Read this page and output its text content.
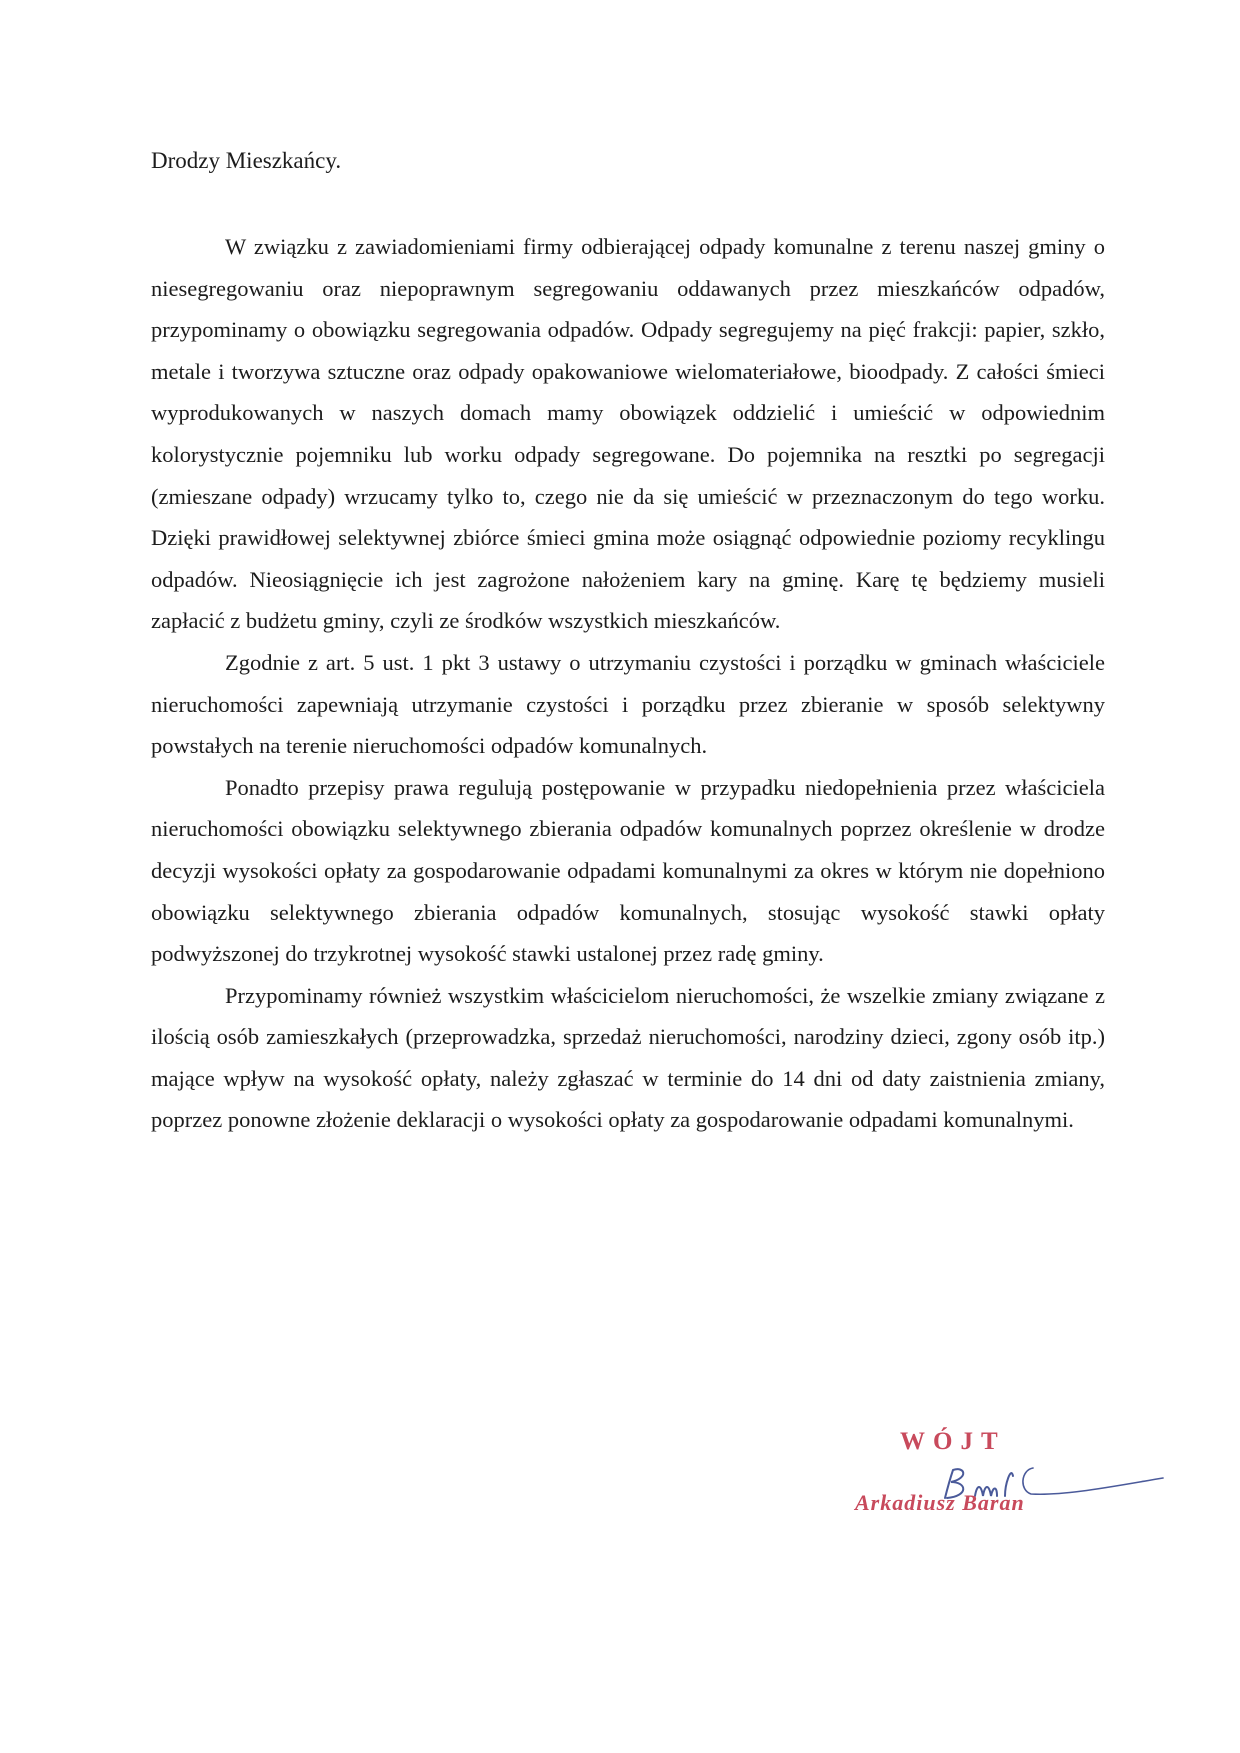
Drodzy Mieszkańcy.

W związku z zawiadomieniami firmy odbierającej odpady komunalne z terenu naszej gminy o niesegregowaniu oraz niepoprawnym segregowaniu oddawanych przez mieszkańców odpadów, przypominamy o obowiązku segregowania odpadów. Odpady segregujemy na pięć frakcji: papier, szkło, metale i tworzywa sztuczne oraz odpady opakowaniowe wielomateriałowe, bioodpady. Z całości śmieci wyprodukowanych w naszych domach mamy obowiązek oddzielić i umieścić w odpowiednim kolorystycznie pojemniku lub worku odpady segregowane. Do pojemnika na resztki po segregacji (zmieszane odpady) wrzucamy tylko to, czego nie da się umieścić w przeznaczonym do tego worku. Dzięki prawidłowej selektywnej zbiórce śmieci gmina może osiągnąć odpowiednie poziomy recyklingu odpadów. Nieosiągnięcie ich jest zagrożone nałożeniem kary na gminę. Karę tę będziemy musieli zapłacić z budżetu gminy, czyli ze środków wszystkich mieszkańców.

Zgodnie z art. 5 ust. 1 pkt 3 ustawy o utrzymaniu czystości i porządku w gminach właściciele nieruchomości zapewniają utrzymanie czystości i porządku przez zbieranie w sposób selektywny powstałych na terenie nieruchomości odpadów komunalnych.

Ponadto przepisy prawa regulują postępowanie w przypadku niedopełnienia przez właściciela nieruchomości obowiązku selektywnego zbierania odpadów komunalnych poprzez określenie w drodze decyzji wysokości opłaty za gospodarowanie odpadami komunalnymi za okres w którym nie dopełniono obowiązku selektywnego zbierania odpadów komunalnych, stosując wysokość stawki opłaty podwyższonej do trzykrotnej wysokość stawki ustalonej przez radę gminy.

Przypominamy również wszystkim właścicielom nieruchomości, że wszelkie zmiany związane z ilością osób zamieszkałych (przeprowadzka, sprzedaż nieruchomości, narodziny dzieci, zgony osób itp.) mające wpływ na wysokość opłaty, należy zgłaszać w terminie do 14 dni od daty zaistnienia zmiany, poprzez ponowne złożenie deklaracji o wysokości opłaty za gospodarowanie odpadami komunalnymi.

WÓJT
Arkadiusz Baran
